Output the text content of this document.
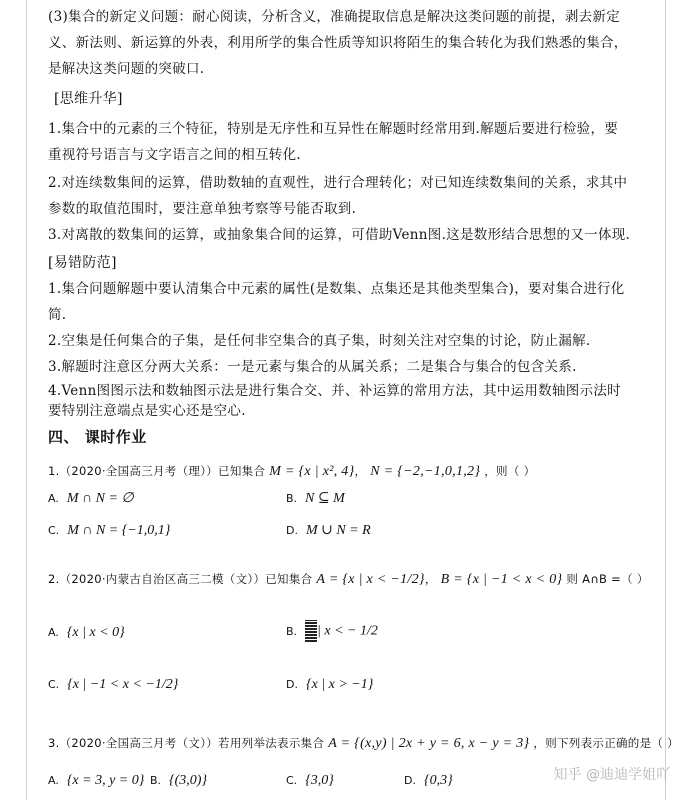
(3)集合的新定义问题：耐心阅读，分析含义，准确提取信息是解决这类问题的前提，剥去新定
义、新法则、新运算的外表，利用所学的集合性质等知识将陌生的集合转化为我们熟悉的集合，
是解决这类问题的突破口.
[思维升华]
1.集合中的元素的三个特征，特别是无序性和互异性在解题时经常用到.解题后要进行检验，要
重视符号语言与文字语言之间的相互转化.
2.对连续数集间的运算，借助数轴的直观性，进行合理转化；对已知连续数集间的关系，求其中
参数的取值范围时，要注意单独考察等号能否取到.
3.对离散的数集间的运算，或抽象集合间的运算，可借助Venn图.这是数形结合思想的又一体现.
[易错防范]
1.集合问题解题中要认清集合中元素的属性(是数集、点集还是其他类型集合)，要对集合进行化
简.
2.空集是任何集合的子集，是任何非空集合的真子集，时刻关注对空集的讨论，防止漏解.
3.解题时注意区分两大关系：一是元素与集合的从属关系；二是集合与集合的包含关系.
4.Venn图图示法和数轴图示法是进行集合交、并、补运算的常用方法，其中运用数轴图示法时
要特别注意端点是实心还是空心.
四、 课时作业
1.（2020·全国高三月考（理））已知集合 M = {x | x², 4}， N = {−2,−1,0,1,2} ，则（ ）
A. M ∩ N = ∅	B. N ⊆ M
C. M ∩ N = {−1,0,1}	D. M ∪ N = R
2.（2020·内蒙古自治区高三二模（文））已知集合 A = {x | x < −1/2}， B = {x | −1 < x < 0} 则 A∩B =（ ）
A. {x | x < 0}	B. | x < − 1/2
C. {x | −1 < x < −1/2}	D. {x | x > −1}
3.（2020·全国高三月考（文））若用列举法表示集合 A = {(x,y) | 2x + y = 6, x − y = 3} ，则下列表示正确的是（ ）
A. {x = 3, y = 0} B. {(3,0)}	C. {3,0}	D. {0,3}	知乎 @迪迪学姐吖
